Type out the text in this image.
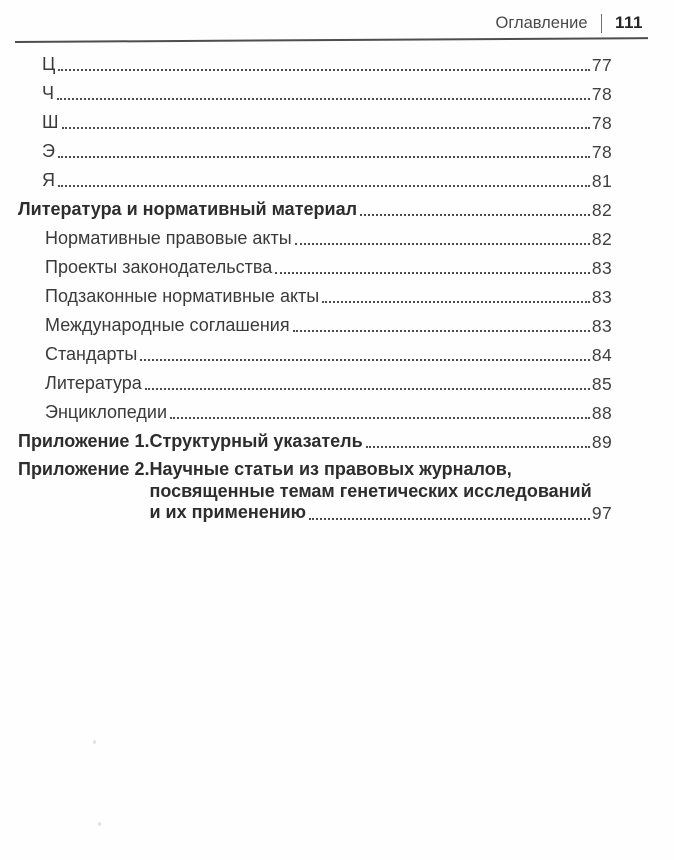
Оглавление 111
Ц	77
Ч	78
Ш	78
Э	78
Я	81
Литература и нормативный материал	82
Нормативные правовые акты	82
Проекты законодательства	83
Подзаконные нормативные акты	83
Международные соглашения	83
Стандарты	84
Литература	85
Энциклопедии	88
Приложение 1. Структурный указатель	89
Приложение 2. Научные статьи из правовых журналов,
посвященные темам генетических исследований
и их применению	97
